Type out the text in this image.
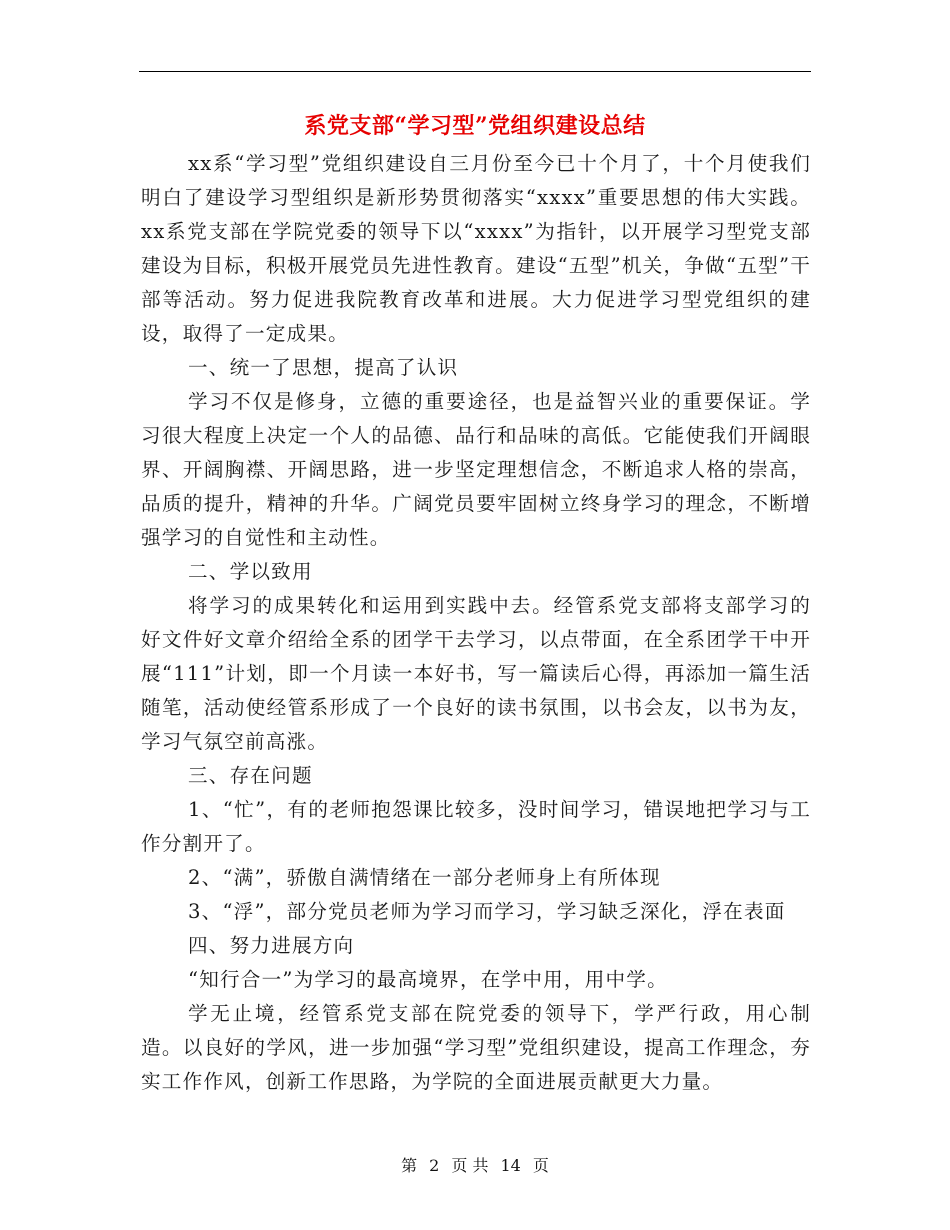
系党支部“学习型”党组织建设总结

xx系“学习型”党组织建设自三月份至今已十个月了，十个月使我们明白了建设学习型组织是新形势贯彻落实“xxxx”重要思想的伟大实践。xx系党支部在学院党委的领导下以“xxxx”为指针，以开展学习型党支部建设为目标，积极开展党员先进性教育。建设“五型”机关，争做“五型”干部等活动。努力促进我院教育改革和进展。大力促进学习型党组织的建设，取得了一定成果。

一、统一了思想，提高了认识

学习不仅是修身，立德的重要途径，也是益智兴业的重要保证。学习很大程度上决定一个人的品德、品行和品味的高低。它能使我们开阔眼界、开阔胸襟、开阔思路，进一步坚定理想信念，不断追求人格的崇高，品质的提升，精神的升华。广阔党员要牢固树立终身学习的理念，不断增强学习的自觉性和主动性。

二、学以致用

将学习的成果转化和运用到实践中去。经管系党支部将支部学习的好文件好文章介绍给全系的团学干去学习，以点带面，在全系团学干中开展“111”计划，即一个月读一本好书，写一篇读后心得，再添加一篇生活随笔，活动使经管系形成了一个良好的读书氛围，以书会友，以书为友，学习气氛空前高涨。

三、存在问题

1、“忙”，有的老师抱怨课比较多，没时间学习，错误地把学习与工作分割开了。

2、“满”，骄傲自满情绪在一部分老师身上有所体现

3、“浮”，部分党员老师为学习而学习，学习缺乏深化，浮在表面

四、努力进展方向

“知行合一”为学习的最高境界，在学中用，用中学。

学无止境，经管系党支部在院党委的领导下，学严行政，用心制造。以良好的学风，进一步加强“学习型”党组织建设，提高工作理念，夯实工作作风，创新工作思路，为学院的全面进展贡献更大力量。

第 2 页 共 14 页
